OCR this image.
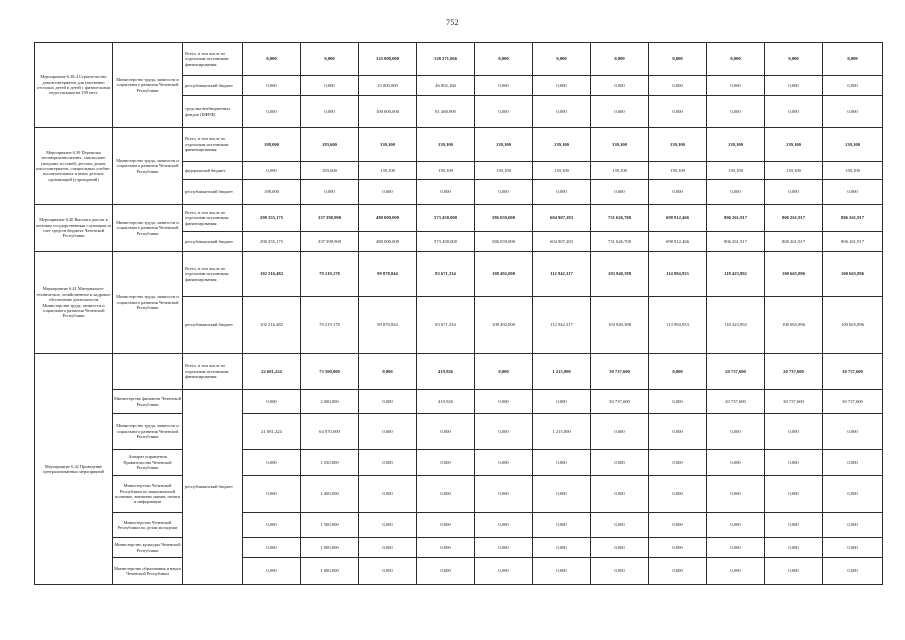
752
Мероприятие 6.38.4 Строительство домов-интернатов для умственно отсталых детей и детей с физическими недостатками на 190 мест	Министерство труда, занятости и социального развития Чеченской Республики	Всего, в том числе по отдельным источникам финансирования:	0,000	0,000	125 000,000	128 271,066	0,000	0,000	0,000	0,000	0,000	0,000	0,000
		республиканский бюджет	0,000	0,000	25 000,000	46 802,166	0,000	0,000	0,000	0,000	0,000	0,000	0,000
		средства внебюджетных фондов (ПФРФ)	0,000	0,000	100 000,000	81 468,900	0,000	0,000	0,000	0,000	0,000	0,000	0,000
Мероприятие 6.39 Перевозка несовершеннолетних, самовольно ушедших из семей, детских домов, школ-интернатов, специальных учебно-воспитательных и иных детских организаций (учреждений)	Министерство труда, занятости и социального развития Чеченской Республики	Всего, в том числе по отдельным источникам финансирования:	198,000	183,600	139,100	139,100	139,100	139,100	139,100	139,100	139,100	139,100	139,100
		федеральный бюджет	0,000	183,600	139,100	139,100	139,100	139,100	139,100	139,100	139,100	139,100	139,100
		республиканский бюджет	198,000	0,000	0,000	0,000	0,000	0,000	0,000	0,000	0,000	0,000	0,000
Мероприятие 6.40 Выплата доплат к пенсиям государственным служащим за счет средств бюджета Чеченской Республики	Министерство труда, занятости и социального развития Чеченской Республики	Всего, в том числе по отдельным источникам финансирования:	290 355,175	337 398,900	480 000,000	573 458,000	586 659,000	604 907,283	731 626,700	698 912,466	806 261,917	806 261,917	806 261,917
		республиканский бюджет	290 355,175	337 398,900	480 000,000	573 458,000	586 659,000	604 907,283	731 626,700	698 912,466	806 261,917	806 261,917	806 261,917
Мероприятие 6.41 Материально-техническое, хозяйственное и кадровое обеспечение деятельности Министерства труда, занятости и социального развития Чеченской Республики	Министерство труда, занятости и социального развития Чеченской Республики	Всего, в том числе по отдельным источникам финансирования:	102 216,482	79 219,178	99 878,844	83 671,334	108 492,000	112 942,317	103 940,388	114 994,933	118 423,992	100 665,896	100 665,896
		республиканский бюджет	102 216,482	79 219,178	99 878,844	83 671,334	108 492,000	112 942,317	103 940,388	114 994,933	118 423,992	100 665,896	100 665,896
Мероприятие 6.42 Проведение централизованных мероприятий		Всего, в том числе по отдельным источникам финансирования:	22 681,224	73 500,000	0,000	419,926	0,000	1 215,000	30 737,600	0,000	20 737,600	20 737,600	30 737,600
	Министерство финансов Чеченской Республики	республиканский бюджет	0,000	2 000,000	0,000	419,926	0,000	0,000	30 737,600	0,000	20 737,600	30 737,600	30 737,600
	Министерство труда, занятости и социального развития Чеченской Республики		21 681,224	64 070,000	0,000	0,000	0,000	1 215,000	0,000	0,000	0,000	0,000	0,000
	Аппарат управления Правительства Чеченской Республики		0,000	1 530,000	0,000	0,000	0,000	0,000	0,000	0,000	0,000	0,000	0,000
	Министерство Чеченской Республики по национальной политике, внешним связям, печати и информации		0,000	1 400,000	0,000	0,000	0,000	0,000	0,000	0,000	0,000	0,000	0,000
	Министерство Чеченской Республики по делам молодежи		0,000	1 500,000	0,000	0,000	0,000	0,000	0,000	0,000	0,000	0,000	0,000
	Министерство культуры Чеченской Республики		0,000	1 000,000	0,000	0,000	0,000	0,000	0,000	0,000	0,000	0,000	0,000
	Министерство образования и науки Чеченской Республики		0,000	1 000,000	0,000	0,000	0,000	0,000	0,000	0,000	0,000	0,000	0,000
